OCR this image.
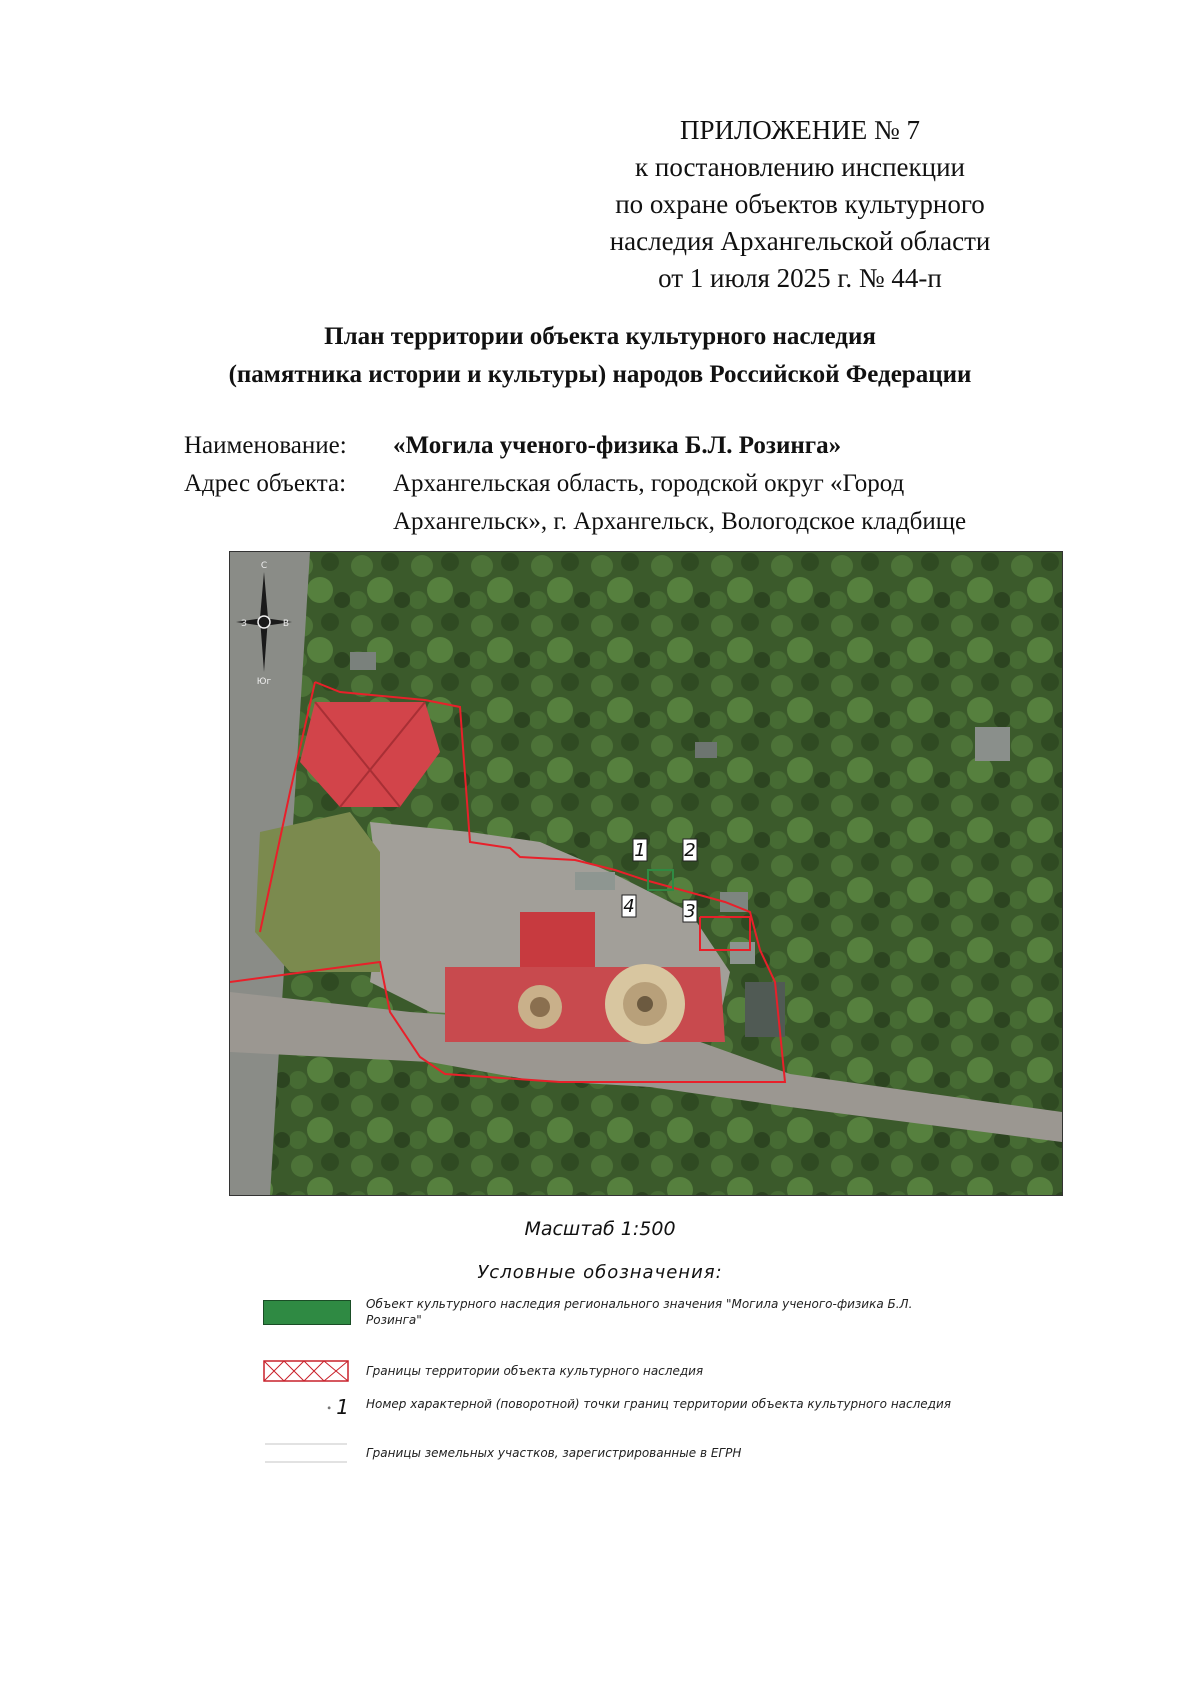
ПРИЛОЖЕНИЕ № 7
к постановлению инспекции
по охране объектов культурного
наследия Архангельской области
от 1 июля 2025 г. № 44-п
План территории объекта культурного наследия
(памятника истории и культуры) народов Российской Федерации
Наименование: «Могила ученого-физика Б.Л. Розинга»
Адрес объекта: Архангельская область, городской округ «Город
Архангельск», г. Архангельск, Вологодское кладбище
1 2
3
4
С
Юг
З	В
Масштаб 1:500
Условные обозначения:
Объект культурного наследия регионального значения "Могила ученого-физика Б.Л. Розинга"
Границы территории объекта культурного наследия
∙ 1 Номер характерной (поворотной) точки границ территории объекта культурного наследия
Границы земельных участков, зарегистрированные в ЕГРН
